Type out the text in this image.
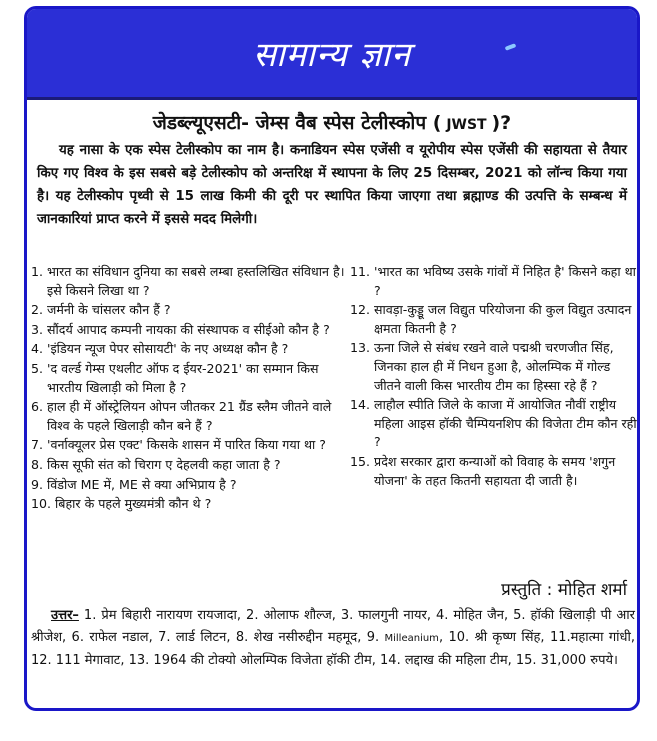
सामान्य ज्ञान
जेडब्ल्यूएसटी- जेम्स वैब स्पेस टेलीस्कोप ( JWST )?
यह नासा के एक स्पेस टेलीस्कोप का नाम है। कनाडियन स्पेस एजेंसी व यूरोपीय स्पेस एजेंसी की सहायता से तैयार किए गए विश्व के इस सबसे बड़े टेलीस्कोप को अन्तरिक्ष में स्थापना के लिए 25 दिसम्बर, 2021 को लॉन्च किया गया है। यह टेलीस्कोप पृथ्वी से 15 लाख किमी की दूरी पर स्थापित किया जाएगा तथा ब्रह्माण्ड की उत्पत्ति के सम्बन्ध में जानकारियां प्राप्त करने में इससे मदद मिलेगी।
1. भारत का संविधान दुनिया का सबसे लम्बा हस्तलिखित संविधान है। इसे किसने लिखा था ?
2. जर्मनी के चांसलर कौन हैं ?
3. सौंदर्य आपाद कम्पनी नायका की संस्थापक व सीईओ कौन है ?
4. 'इंडियन न्यूज पेपर सोसायटी' के नए अध्यक्ष कौन है ?
5. 'द वर्ल्ड गेम्स एथलीट ऑफ द ईयर-2021' का सम्मान किस भारतीय खिलाड़ी को मिला है ?
6. हाल ही में ऑस्ट्रेलियन ओपन जीतकर 21 ग्रैंड स्लैम जीतने वाले विश्व के पहले खिलाड़ी कौन बने हैं ?
7. 'वर्नाक्यूलर प्रेस एक्ट' किसके शासन में पारित किया गया था ?
8. किस सूफी संत को चिराग ए देहलवी कहा जाता है ?
9. विंडोज ME में, ME से क्या अभिप्राय है ?
10. बिहार के पहले मुख्यमंत्री कौन थे ?
11. 'भारत का भविष्य उसके गांवों में निहित है' किसने कहा था ?
12. सावड़ा-कुड्डू जल विद्युत परियोजना की कुल विद्युत उत्पादन क्षमता कितनी है ?
13. ऊना जिले से संबंध रखने वाले पद्मश्री चरणजीत सिंह, जिनका हाल ही में निधन हुआ है, ओलम्पिक में गोल्ड जीतने वाली किस भारतीय टीम का हिस्सा रहे हैं ?
14. लाहौल स्पीति जिले के काजा में आयोजित नौवीं राष्ट्रीय महिला आइस हॉकी चैम्पियनशिप की विजेता टीम कौन रही ?
15. प्रदेश सरकार द्वारा कन्याओं को विवाह के समय 'शगुन योजना' के तहत कितनी सहायता दी जाती है।
प्रस्तुति : मोहित शर्मा
उत्तर– 1. प्रेम बिहारी नारायण रायजादा, 2. ओलाफ शौल्ज, 3. फालगुनी नायर, 4. मोहित जैन, 5. हॉकी खिलाड़ी पी आर श्रीजेश, 6. राफेल नडाल, 7. लार्ड लिटन, 8. शेख नसीरुद्दीन महमूद, 9. Milleanium, 10. श्री कृष्ण सिंह, 11.महात्मा गांधी, 12. 111 मेगावाट, 13. 1964 की टोक्यो ओलम्पिक विजेता हॉकी टीम, 14. लद्दाख की महिला टीम, 15. 31,000 रुपये।
